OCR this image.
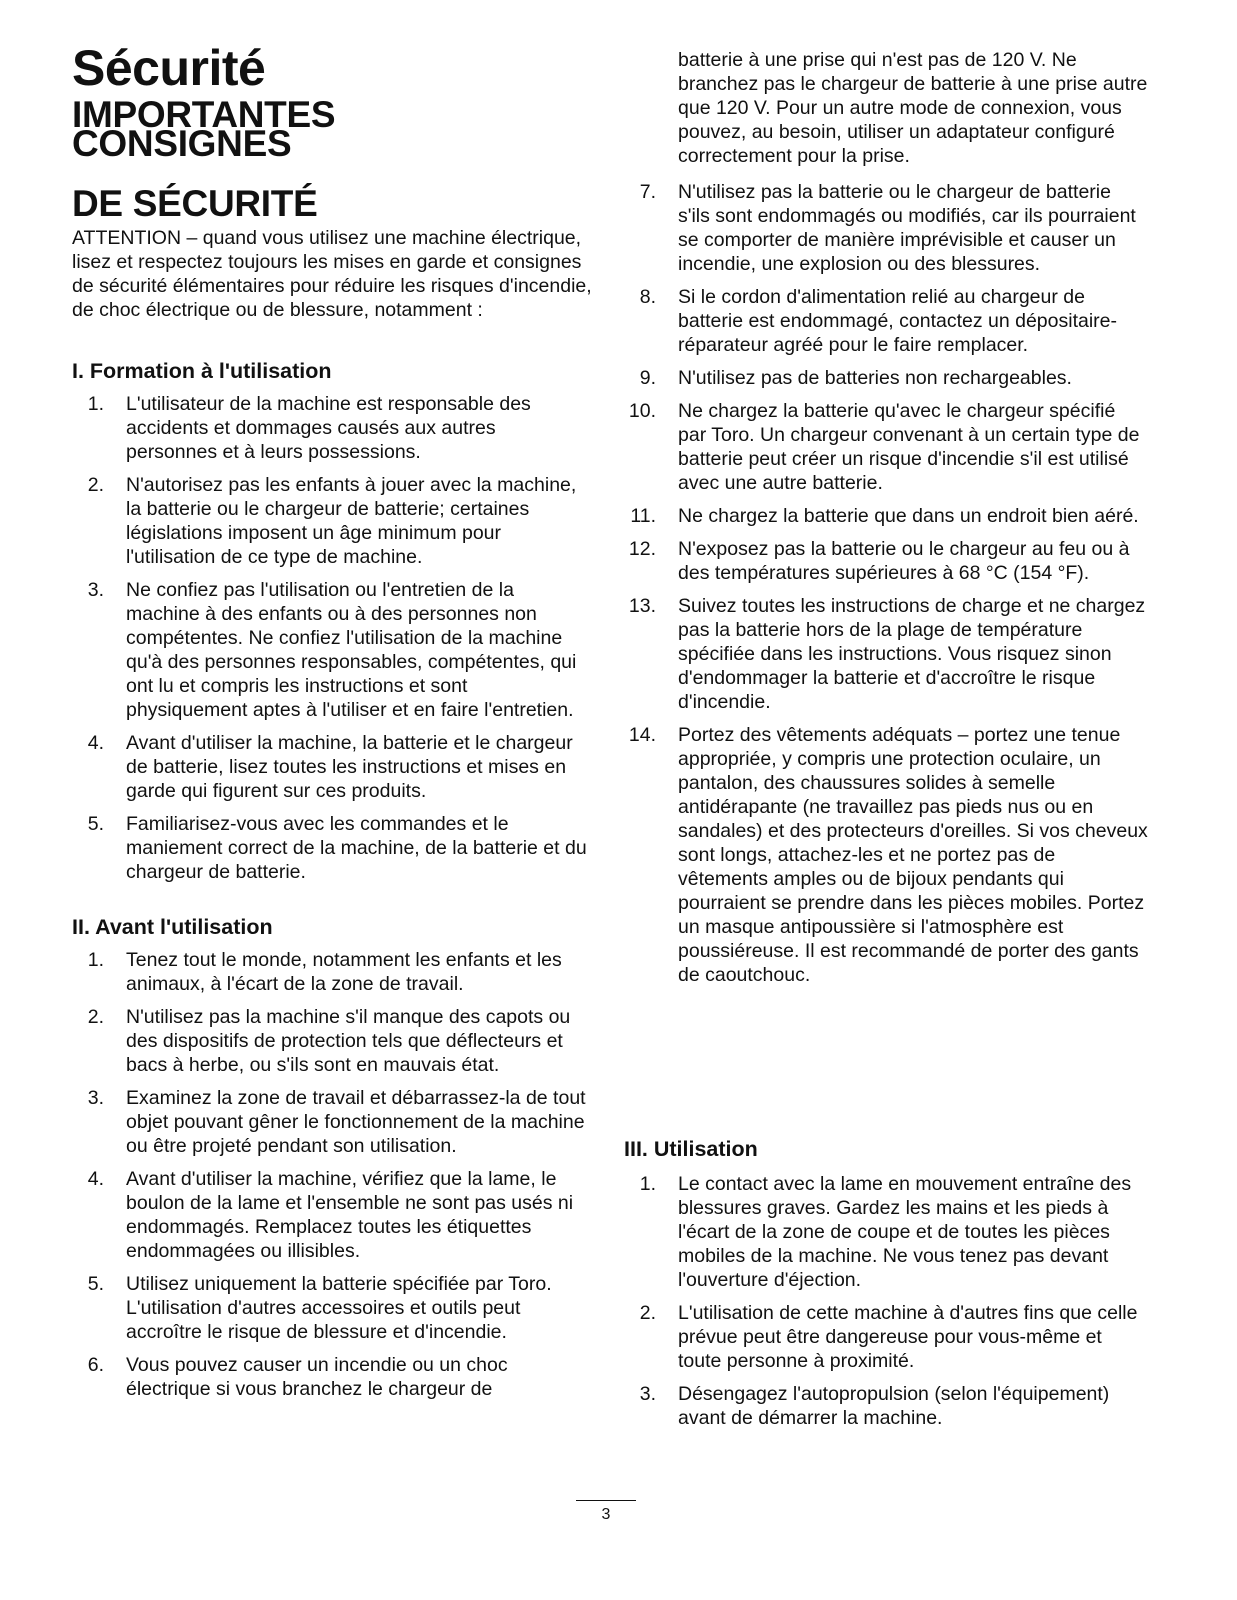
Sécurité
IMPORTANTES
CONSIGNES
DE SÉCURITÉ

ATTENTION – quand vous utilisez une machine électrique, lisez et respectez toujours les mises en garde et consignes de sécurité élémentaires pour réduire les risques d'incendie, de choc électrique ou de blessure, notamment :

I. Formation à l'utilisation
1. L'utilisateur de la machine est responsable des accidents et dommages causés aux autres personnes et à leurs possessions.
2. N'autorisez pas les enfants à jouer avec la machine, la batterie ou le chargeur de batterie; certaines législations imposent un âge minimum pour l'utilisation de ce type de machine.
3. Ne confiez pas l'utilisation ou l'entretien de la machine à des enfants ou à des personnes non compétentes. Ne confiez l'utilisation de la machine qu'à des personnes responsables, compétentes, qui ont lu et compris les instructions et sont physiquement aptes à l'utiliser et en faire l'entretien.
4. Avant d'utiliser la machine, la batterie et le chargeur de batterie, lisez toutes les instructions et mises en garde qui figurent sur ces produits.
5. Familiarisez-vous avec les commandes et le maniement correct de la machine, de la batterie et du chargeur de batterie.
II. Avant l'utilisation
1. Tenez tout le monde, notamment les enfants et les animaux, à l'écart de la zone de travail.
2. N'utilisez pas la machine s'il manque des capots ou des dispositifs de protection tels que déflecteurs et bacs à herbe, ou s'ils sont en mauvais état.
3. Examinez la zone de travail et débarrassez-la de tout objet pouvant gêner le fonctionnement de la machine ou être projeté pendant son utilisation.
4. Avant d'utiliser la machine, vérifiez que la lame, le boulon de la lame et l'ensemble ne sont pas usés ni endommagés. Remplacez toutes les étiquettes endommagées ou illisibles.
5. Utilisez uniquement la batterie spécifiée par Toro. L'utilisation d'autres accessoires et outils peut accroître le risque de blessure et d'incendie.
6. Vous pouvez causer un incendie ou un choc électrique si vous branchez le chargeur de

batterie à une prise qui n'est pas de 120 V. Ne branchez pas le chargeur de batterie à une prise autre que 120 V. Pour un autre mode de connexion, vous pouvez, au besoin, utiliser un adaptateur configuré correctement pour la prise.

7. N'utilisez pas la batterie ou le chargeur de batterie s'ils sont endommagés ou modifiés, car ils pourraient se comporter de manière imprévisible et causer un incendie, une explosion ou des blessures.
8. Si le cordon d'alimentation relié au chargeur de batterie est endommagé, contactez un dépositaire-réparateur agréé pour le faire remplacer.
9. N'utilisez pas de batteries non rechargeables.
10. Ne chargez la batterie qu'avec le chargeur spécifié par Toro. Un chargeur convenant à un certain type de batterie peut créer un risque d'incendie s'il est utilisé avec une autre batterie.
11. Ne chargez la batterie que dans un endroit bien aéré.
12. N'exposez pas la batterie ou le chargeur au feu ou à des températures supérieures à 68 °C (154 °F).
13. Suivez toutes les instructions de charge et ne chargez pas la batterie hors de la plage de température spécifiée dans les instructions. Vous risquez sinon d'endommager la batterie et d'accroître le risque d'incendie.
14. Portez des vêtements adéquats – portez une tenue appropriée, y compris une protection oculaire, un pantalon, des chaussures solides à semelle antidérapante (ne travaillez pas pieds nus ou en sandales) et des protecteurs d'oreilles. Si vos cheveux sont longs, attachez-les et ne portez pas de vêtements amples ou de bijoux pendants qui pourraient se prendre dans les pièces mobiles. Portez un masque antipoussière si l'atmosphère est poussiéreuse. Il est recommandé de porter des gants de caoutchouc.
III. Utilisation
1. Le contact avec la lame en mouvement entraîne des blessures graves. Gardez les mains et les pieds à l'écart de la zone de coupe et de toutes les pièces mobiles de la machine. Ne vous tenez pas devant l'ouverture d'éjection.
2. L'utilisation de cette machine à d'autres fins que celle prévue peut être dangereuse pour vous-même et toute personne à proximité.
3. Désengagez l'autopropulsion (selon l'équipement) avant de démarrer la machine.
3
